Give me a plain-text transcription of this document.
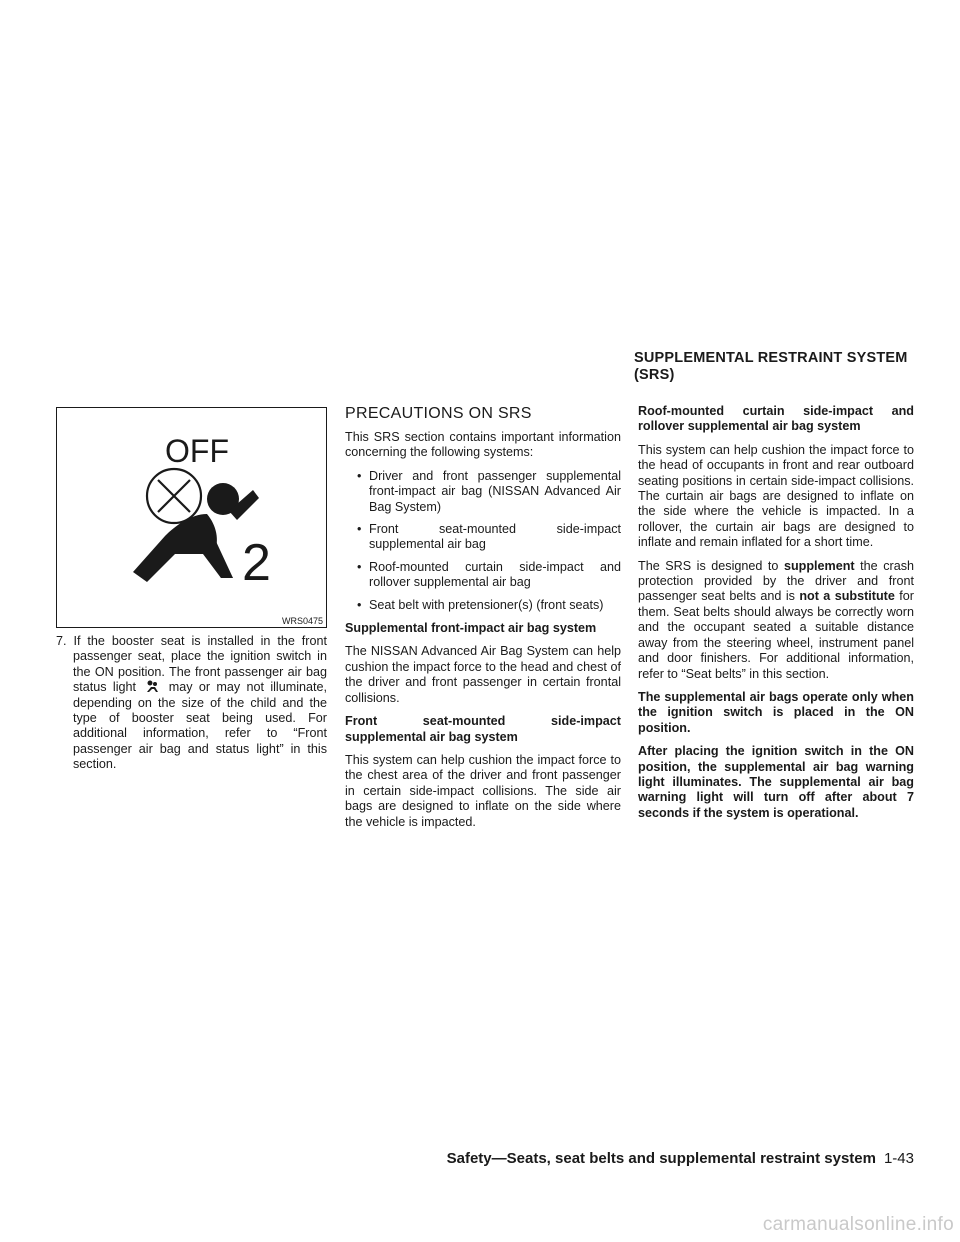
SUPPLEMENTAL RESTRAINT SYSTEM (SRS)
OFF
2
WRS0475

7. If the booster seat is installed in the front passenger seat, place the ignition switch in the ON position. The front passenger air bag status light	may or may not illuminate, depending on the size of the child and the type of booster seat being used. For additional information, refer to “Front passenger air bag and status light” in this section.

PRECAUTIONS ON SRS

This SRS section contains important information concerning the following systems:

• Driver and front passenger supplemental front-impact air bag (NISSAN Advanced Air Bag System)
• Front seat-mounted side-impact supplemental air bag
• Roof-mounted curtain side-impact and rollover supplemental air bag
• Seat belt with pretensioner(s) (front seats)

Supplemental front-impact air bag system

The NISSAN Advanced Air Bag System can help cushion the impact force to the head and chest of the driver and front passenger in certain frontal collisions.

Front seat-mounted side-impact supplemental air bag system

This system can help cushion the impact force to the chest area of the driver and front passenger in certain side-impact collisions. The side air bags are designed to inflate on the side where the vehicle is impacted.

Roof-mounted curtain side-impact and rollover supplemental air bag system

This system can help cushion the impact force to the head of occupants in front and rear outboard seating positions in certain side-impact collisions. The curtain air bags are designed to inflate on the side where the vehicle is impacted. In a rollover, the curtain air bags are designed to inflate and remain inflated for a short time.

The SRS is designed to supplement the crash protection provided by the driver and front passenger seat belts and is not a substitute for them. Seat belts should always be correctly worn and the occupant seated a suitable distance away from the steering wheel, instrument panel and door finishers. For additional information, refer to “Seat belts” in this section.

The supplemental air bags operate only when the ignition switch is placed in the ON position.

After placing the ignition switch in the ON position, the supplemental air bag warning light illuminates. The supplemental air bag warning light will turn off after about 7 seconds if the system is operational.

Safety—Seats, seat belts and supplemental restraint system 1-43
carmanualsonline.info
